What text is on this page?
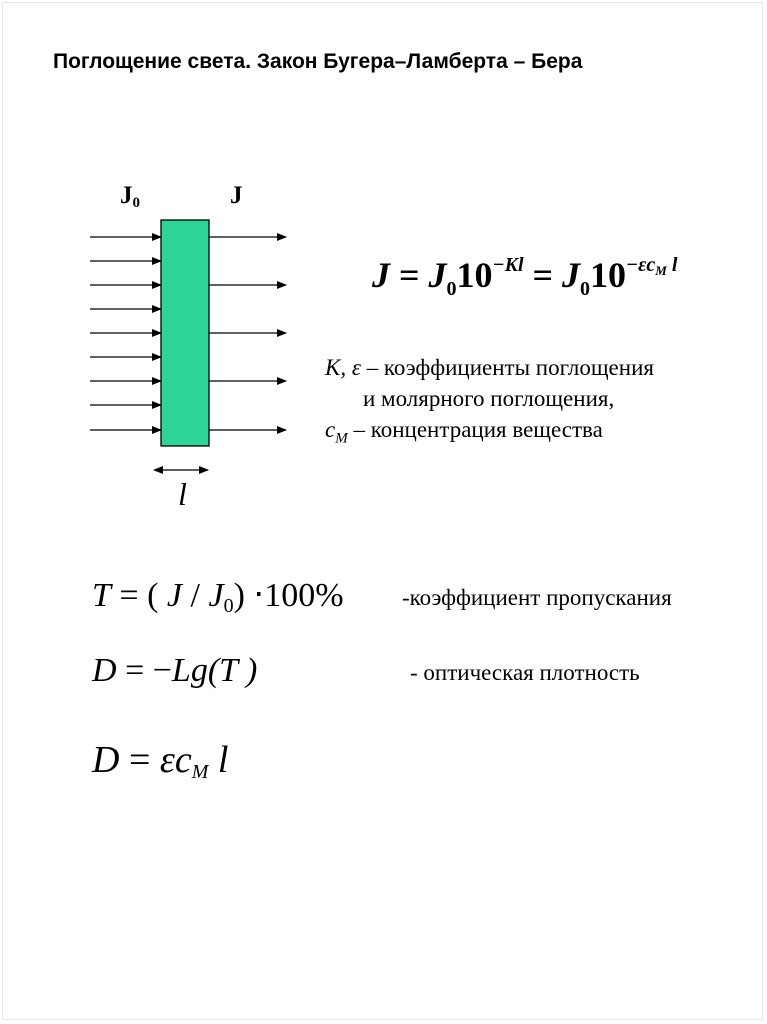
Поглощение света. Закон Бугера–Ламберта – Бера
$J_0$	J
l
$J = J_010^{-Kl} = J_010^{-\varepsilon cM}$ $^l$
K, ε – коэффициенты поглощения
и молярного поглощения,
$c_M$ – концентрация вещества
T = ( $J / J_0) \cdot 100\%$	-коэффициент пропускания
D = −Lg(T )	- оптическая плотность
$D = \varepsilon c_M$ l
